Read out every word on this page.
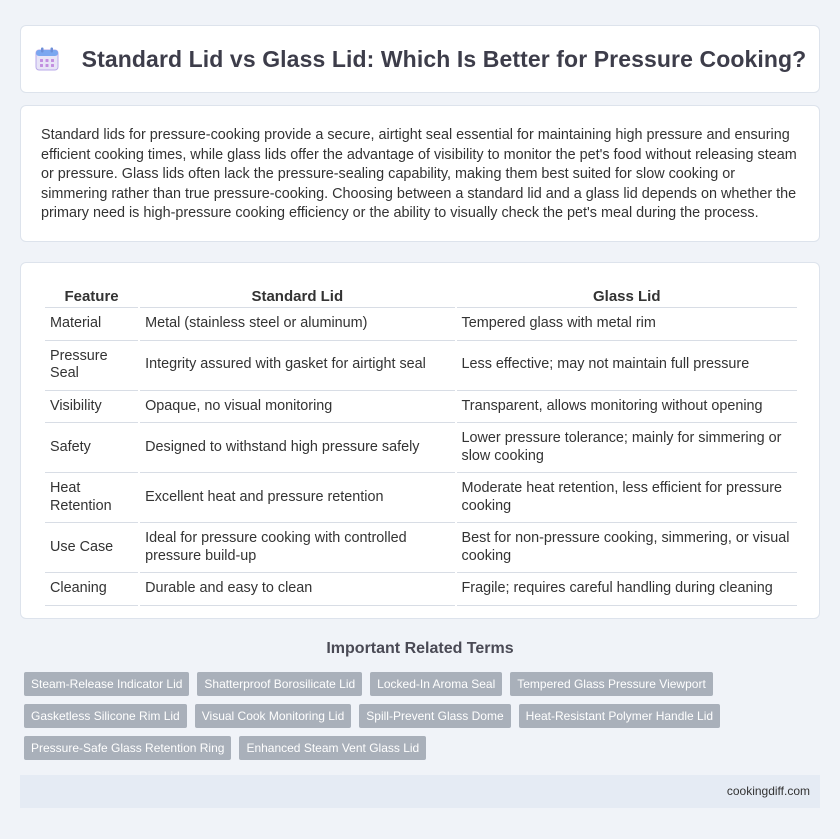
Standard Lid vs Glass Lid: Which Is Better for Pressure Cooking?

Standard lids for pressure-cooking provide a secure, airtight seal essential for maintaining high pressure and ensuring efficient cooking times, while glass lids offer the advantage of visibility to monitor the pet's food without releasing steam or pressure. Glass lids often lack the pressure-sealing capability, making them best suited for slow cooking or simmering rather than true pressure-cooking. Choosing between a standard lid and a glass lid depends on whether the primary need is high-pressure cooking efficiency or the ability to visually check the pet's meal during the process.

Feature	Standard Lid	Glass Lid
Material	Metal (stainless steel or aluminum)	Tempered glass with metal rim
Pressure Seal	Integrity assured with gasket for airtight seal	Less effective; may not maintain full pressure
Visibility	Opaque, no visual monitoring	Transparent, allows monitoring without opening
Safety	Designed to withstand high pressure safely	Lower pressure tolerance; mainly for simmering or slow cooking
Heat Retention	Excellent heat and pressure retention	Moderate heat retention, less efficient for pressure cooking
Use Case	Ideal for pressure cooking with controlled pressure build-up	Best for non-pressure cooking, simmering, or visual cooking
Cleaning	Durable and easy to clean	Fragile; requires careful handling during cleaning
Important Related Terms
Steam-Release Indicator Lid	Shatterproof Borosilicate Lid	Locked-In Aroma Seal	Tempered Glass Pressure Viewport
Gasketless Silicone Rim Lid	Visual Cook Monitoring Lid	Spill-Prevent Glass Dome	Heat-Resistant Polymer Handle Lid
Pressure-Safe Glass Retention Ring	Enhanced Steam Vent Glass Lid
cookingdiff.com
